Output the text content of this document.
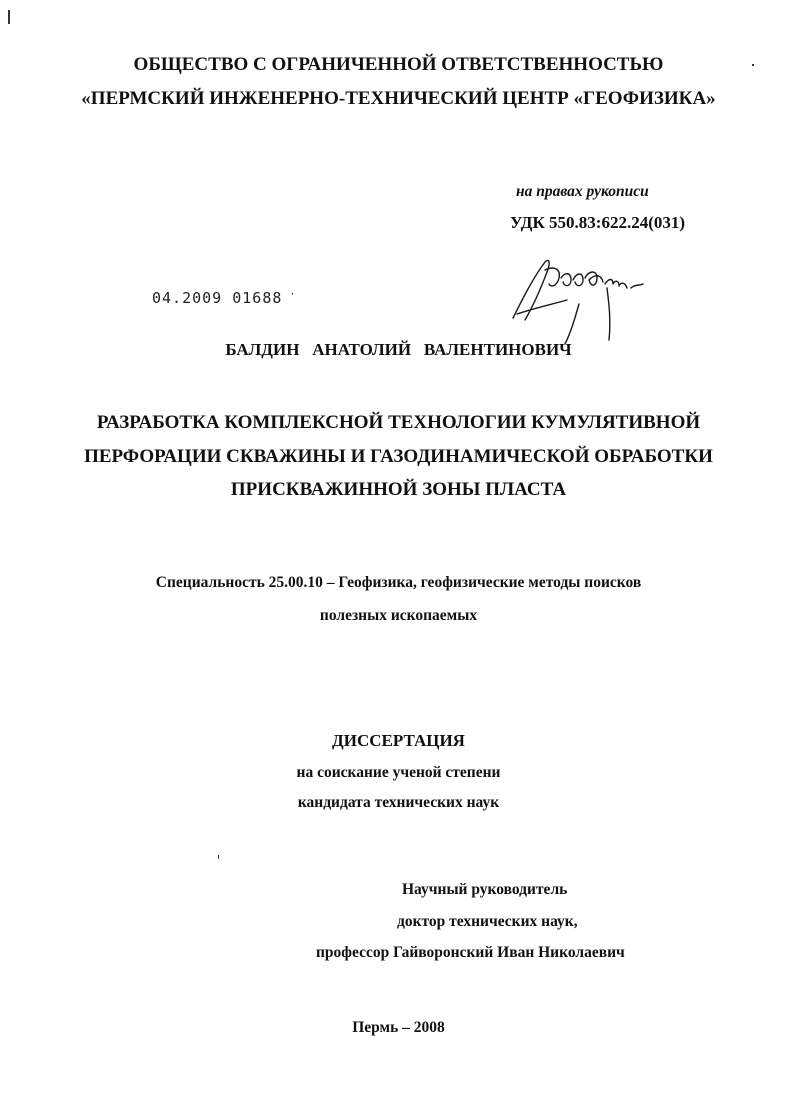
ОБЩЕСТВО С ОГРАНИЧЕННОЙ ОТВЕТСТВЕННОСТЬЮ
«ПЕРМСКИЙ ИНЖЕНЕРНО-ТЕХНИЧЕСКИЙ ЦЕНТР «ГЕОФИЗИКА»
на правах рукописи
УДК 550.83:622.24(031)
04.2009 01688 ·
БАЛДИН   АНАТОЛИЙ   ВАЛЕНТИНОВИЧ
РАЗРАБОТКА КОМПЛЕКСНОЙ ТЕХНОЛОГИИ КУМУЛЯТИВНОЙ
ПЕРФОРАЦИИ СКВАЖИНЫ И ГАЗОДИНАМИЧЕСКОЙ ОБРАБОТКИ
ПРИСКВАЖИННОЙ ЗОНЫ ПЛАСТА
Специальность 25.00.10 – Геофизика, геофизические методы поисков
полезных ископаемых
ДИССЕРТАЦИЯ
на соискание ученой степени
кандидата технических наук
Научный руководитель
доктор технических наук,
профессор Гайворонский Иван Николаевич
Пермь – 2008
